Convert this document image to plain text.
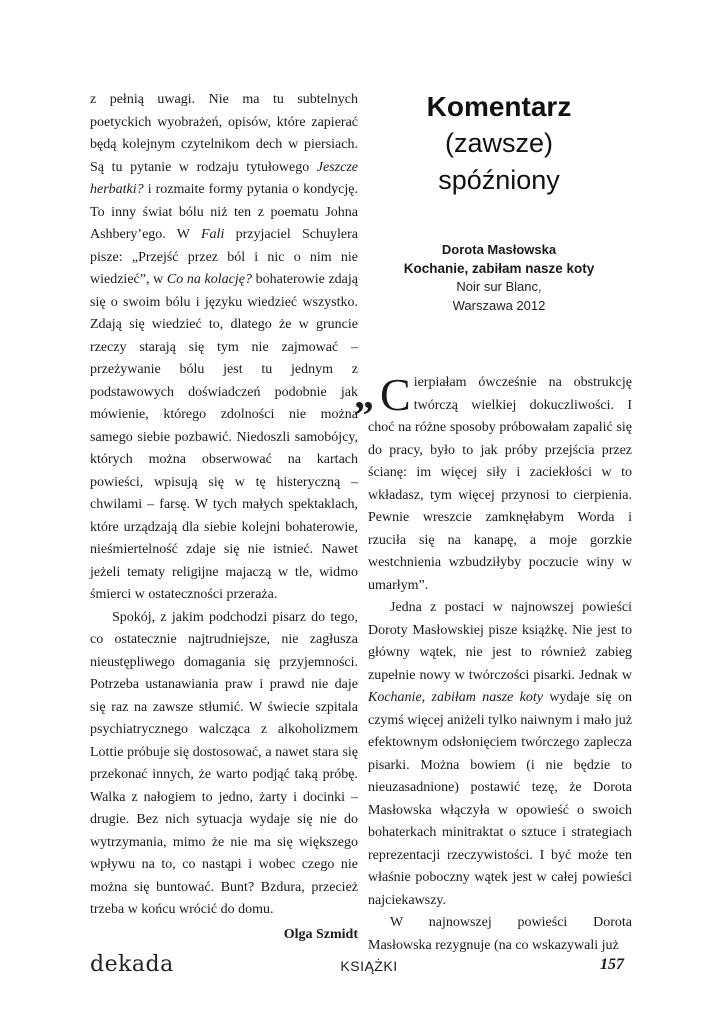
z pełnią uwagi. Nie ma tu subtelnych poetyckich wyobrażeń, opisów, które zapierać będą kolejnym czytelnikom dech w piersiach. Są tu pytanie w rodzaju tytułowego Jeszcze herbatki? i rozmaite formy pytania o kondycję. To inny świat bólu niż ten z poematu Johna Ashbery’ego. W Fali przyjaciel Schuylera pisze: „Przejść przez ból i nic o nim nie wiedzieć”, w Co na kolację? bohaterowie zdają się o swoim bólu i języku wiedzieć wszystko. Zdają się wiedzieć to, dlatego że w gruncie rzeczy starają się tym nie zajmować – przeżywanie bólu jest tu jednym z podstawowych doświadczeń podobnie jak mówienie, którego zdolności nie można samego siebie pozbawić. Niedoszli samobójcy, których można obserwować na kartach powieści, wpisują się w tę histeryczną – chwilami – farsę. W tych małych spektaklach, które urządzają dla siebie kolejni bohaterowie, nieśmiertelność zdaje się nie istnieć. Nawet jeżeli tematy religijne majaczą w tle, widmo śmierci w ostateczności przeraża.

Spokój, z jakim podchodzi pisarz do tego, co ostatecznie najtrudniejsze, nie zagłusza nieustępliwego domagania się przyjemności. Potrzeba ustanawiania praw i prawd nie daje się raz na zawsze stłumić. W świecie szpitala psychiatrycznego walcząca z alkoholizmem Lottie próbuje się dostosować, a nawet stara się przekonać innych, że warto podjąć taką próbę. Walka z nałogiem to jedno, żarty i docinki – drugie. Bez nich sytuacja wydaje się nie do wytrzymania, mimo że nie ma się większego wpływu na to, co nastąpi i wobec czego nie można się buntować. Bunt? Bzdura, przecież trzeba w końcu wrócić do domu.

Olga Szmidt
Komentarz
(zawsze)
spóźniony
Dorota Masłowska
Kochanie, zabiłam nasze koty
Noir sur Blanc,
Warszawa 2012

„ C ierpiałam ówcześnie na obstrukcję twórczą wielkiej dokuczliwości. I choć na różne sposoby próbowałam zapalić się do pracy, było to jak próby przejścia przez ścianę: im więcej siły i zaciekłości w to wkładasz, tym więcej przynosi to cierpienia. Pewnie wreszcie zamknęłabym Worda i rzuciła się na kanapę, a moje gorzkie westchnienia wzbudziłyby poczucie winy w umarłym”.

Jedna z postaci w najnowszej powieści Doroty Masłowskiej pisze książkę. Nie jest to główny wątek, nie jest to również zabieg zupełnie nowy w twórczości pisarki. Jednak w Kochanie, zabiłam nasze koty wydaje się on czymś więcej aniżeli tylko naiwnym i mało już efektownym odsłonięciem twórczego zaplecza pisarki. Można bowiem (i nie będzie to nieuzasadnione) postawić tezę, że Dorota Masłowska włączyła w opowieść o swoich bohaterkach minitraktat o sztuce i strategiach reprezentacji rzeczywistości. I być może ten właśnie poboczny wątek jest w całej powieści najciekawszy.

W najnowszej powieści Dorota Masłowska rezygnuje (na co wskazywali już

dekada	KSIĄŻKI	157
